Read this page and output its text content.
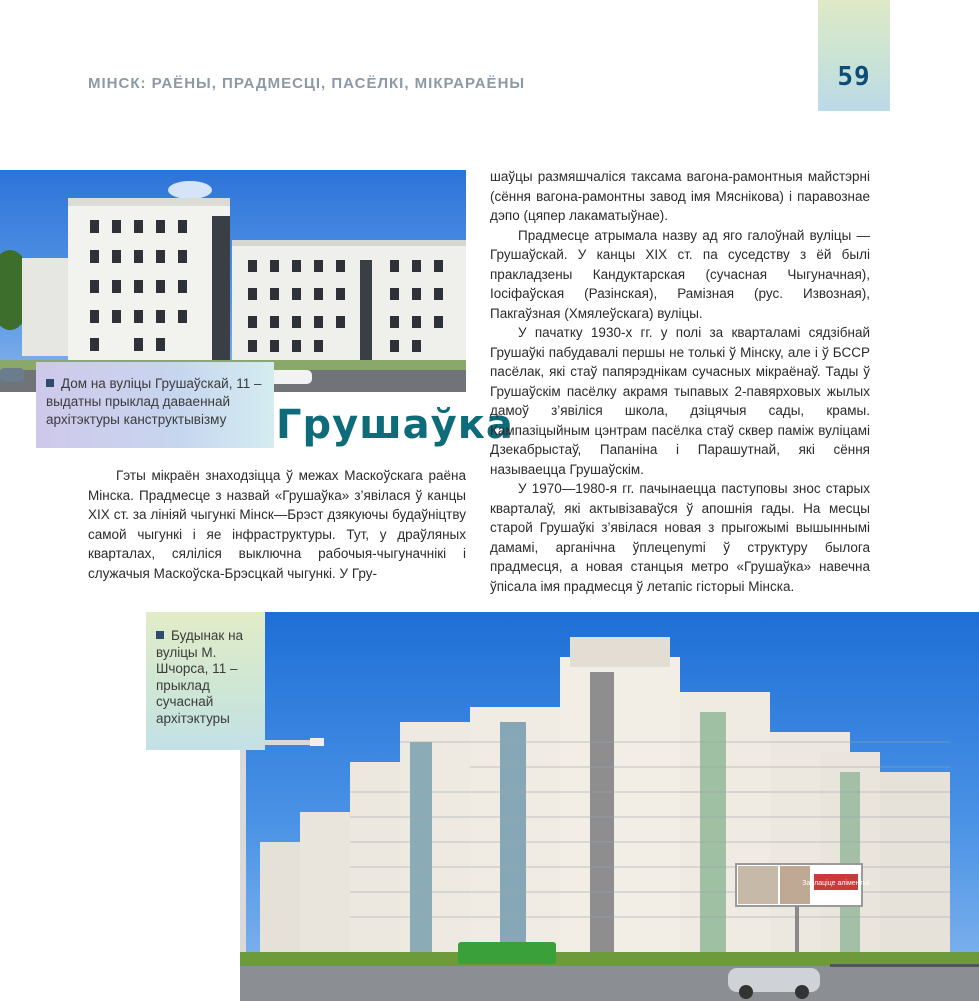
МІНСК: РАЁНЫ, ПРАДМЕСЦІ, ПАСЁЛКІ, МІКРАРАЁНЫ	59
Дом на вуліцы Грушаўскай, 11 – выдатны прыклад даваеннай архітэктуры канструктывізму	Грушаўка

Гэты мікраён знаходзіцца ў межах Маскоўскага раёна Мінска. Прадмесце з назвай «Грушаўка» з’явілася ў канцы XIX ст. за лініяй чыгункі Мінск—Брэст дзякуючы будаўніцтву самой чыгункі і яе інфраструктуры. Тут, у драўляных кварталах, сяліліся выключна рабочыя-чыгуначнікі і служачыя Маскоўска-Брэсцкай чыгункі. У Гру-

шаўцы размяшчаліся таксама вагона-рамонтныя майстэрні (сёння вагона-рамонтны завод імя Мяснікова) і паравознае дэпо (цяпер лакаматыўнае).

Прадмесце атрымала назву ад яго галоўнай вуліцы — Грушаўскай. У канцы XIX ст. па суседству з ёй былі пракладзены Кандуктарская (сучасная Чыгуначная), Іосіфаўская (Разінская), Рамізная (рус. Извозная), Пакгаўзная (Хмялеўскага) вуліцы.

У пачатку 1930-х гг. у полі за кварталамі сядзібнай Грушаўкі пабудавалі першы не толькі ў Мінску, але і ў БССР пасёлак, які стаў папярэднікам сучасных мікраёнаў. Тады ў Грушаўскім пасёлку акрамя тыпавых 2-павярховых жылых дамоў з’явіліся школа, дзіцячыя сады, крамы. Кампазіцыйным цэнтрам пасёлка стаў сквер паміж вуліцамі Дзекабрыстаў, Папаніна і Парашутнай, які сёння называецца Грушаўскім.

У 1970—1980-я гг. пачынаецца паступовы знос старых кварталаў, які актывізаваўся ў апошнія гады. На месцы старой Грушаўкі з’явілася новая з прыгожымі вышыннымі дамамі, арганічна ўплецenymі ў структуру былога прадмесця, а новая станцыя метро «Грушаўка» навечна ўпісала імя прадмесця ў летапіс гісторыі Мінска.

Заплаціце аліменты!
Будынак на вуліцы М. Шчорса, 11 – прыклад сучаснай архітэктуры
